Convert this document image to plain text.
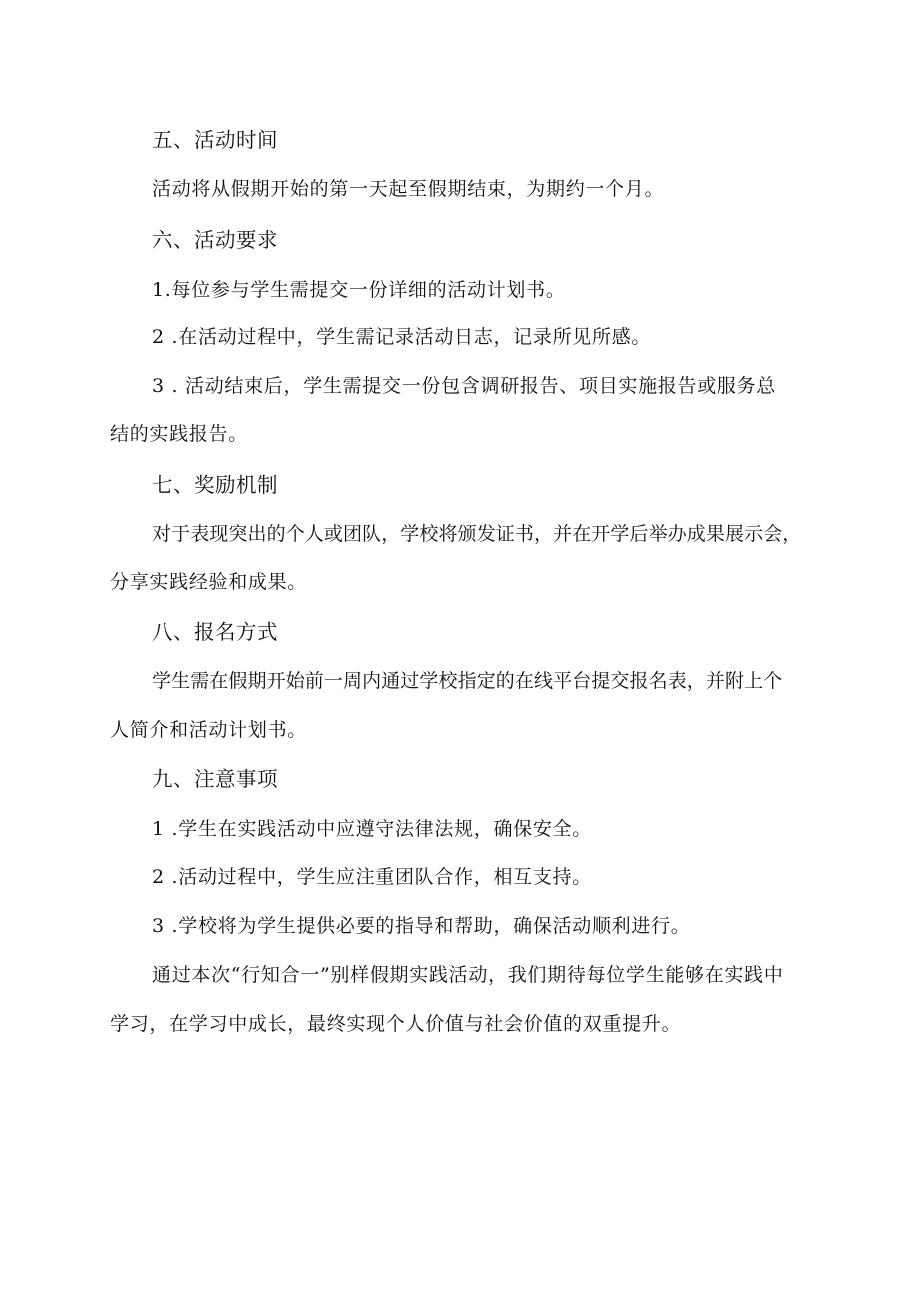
五、活动时间
活动将从假期开始的第一天起至假期结束，为期约一个月。
六、活动要求
1.每位参与学生需提交一份详细的活动计划书。
2 .在活动过程中，学生需记录活动日志，记录所见所感。
3 . 活动结束后，学生需提交一份包含调研报告、项目实施报告或服务总
结的实践报告。
七、奖励机制
对于表现突出的个人或团队，学校将颁发证书，并在开学后举办成果展示会，
分享实践经验和成果。
八、报名方式
学生需在假期开始前一周内通过学校指定的在线平台提交报名表，并附上个
人简介和活动计划书。
九、注意事项
1 .学生在实践活动中应遵守法律法规，确保安全。
2 .活动过程中，学生应注重团队合作，相互支持。
3 .学校将为学生提供必要的指导和帮助，确保活动顺利进行。
通过本次“行知合一”别样假期实践活动，我们期待每位学生能够在实践中
学习，在学习中成长，最终实现个人价值与社会价值的双重提升。
